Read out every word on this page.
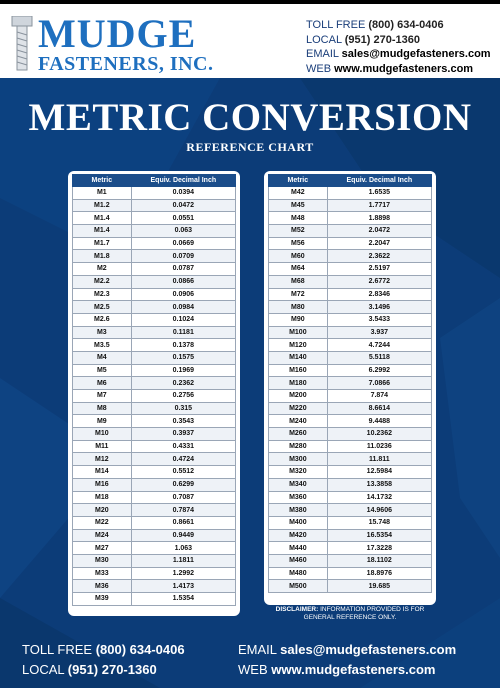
MUDGE
FASTENERS, INC.
TOLL FREE (800) 634-0406
LOCAL (951) 270-1360
EMAIL sales@mudgefasteners.com
WEB www.mudgefasteners.com
METRIC CONVERSION
REFERENCE CHART
Metric	Equiv. Decimal Inch
M1	0.0394
M1.2	0.0472
M1.4	0.0551
M1.4	0.063
M1.7	0.0669
M1.8	0.0709
M2	0.0787
M2.2	0.0866
M2.3	0.0906
M2.5	0.0984
M2.6	0.1024
M3	0.1181
M3.5	0.1378
M4	0.1575
M5	0.1969
M6	0.2362
M7	0.2756
M8	0.315
M9	0.3543
M10	0.3937
M11	0.4331
M12	0.4724
M14	0.5512
M16	0.6299
M18	0.7087
M20	0.7874
M22	0.8661
M24	0.9449
M27	1.063
M30	1.1811
M33	1.2992
M36	1.4173
M39	1.5354
Metric	Equiv. Decimal Inch
M42	1.6535
M45	1.7717
M48	1.8898
M52	2.0472
M56	2.2047
M60	2.3622
M64	2.5197
M68	2.6772
M72	2.8346
M80	3.1496
M90	3.5433
M100	3.937
M120	4.7244
M140	5.5118
M160	6.2992
M180	7.0866
M200	7.874
M220	8.6614
M240	9.4488
M260	10.2362
M280	11.0236
M300	11.811
M320	12.5984
M340	13.3858
M360	14.1732
M380	14.9606
M400	15.748
M420	16.5354
M440	17.3228
M460	18.1102
M480	18.8976
M500	19.685
DISCLAIMER: INFORMATION PROVIDED IS FOR GENERAL REFERENCE ONLY.
TOLL FREE (800) 634-0406
LOCAL (951) 270-1360
EMAIL sales@mudgefasteners.com
WEB www.mudgefasteners.com
